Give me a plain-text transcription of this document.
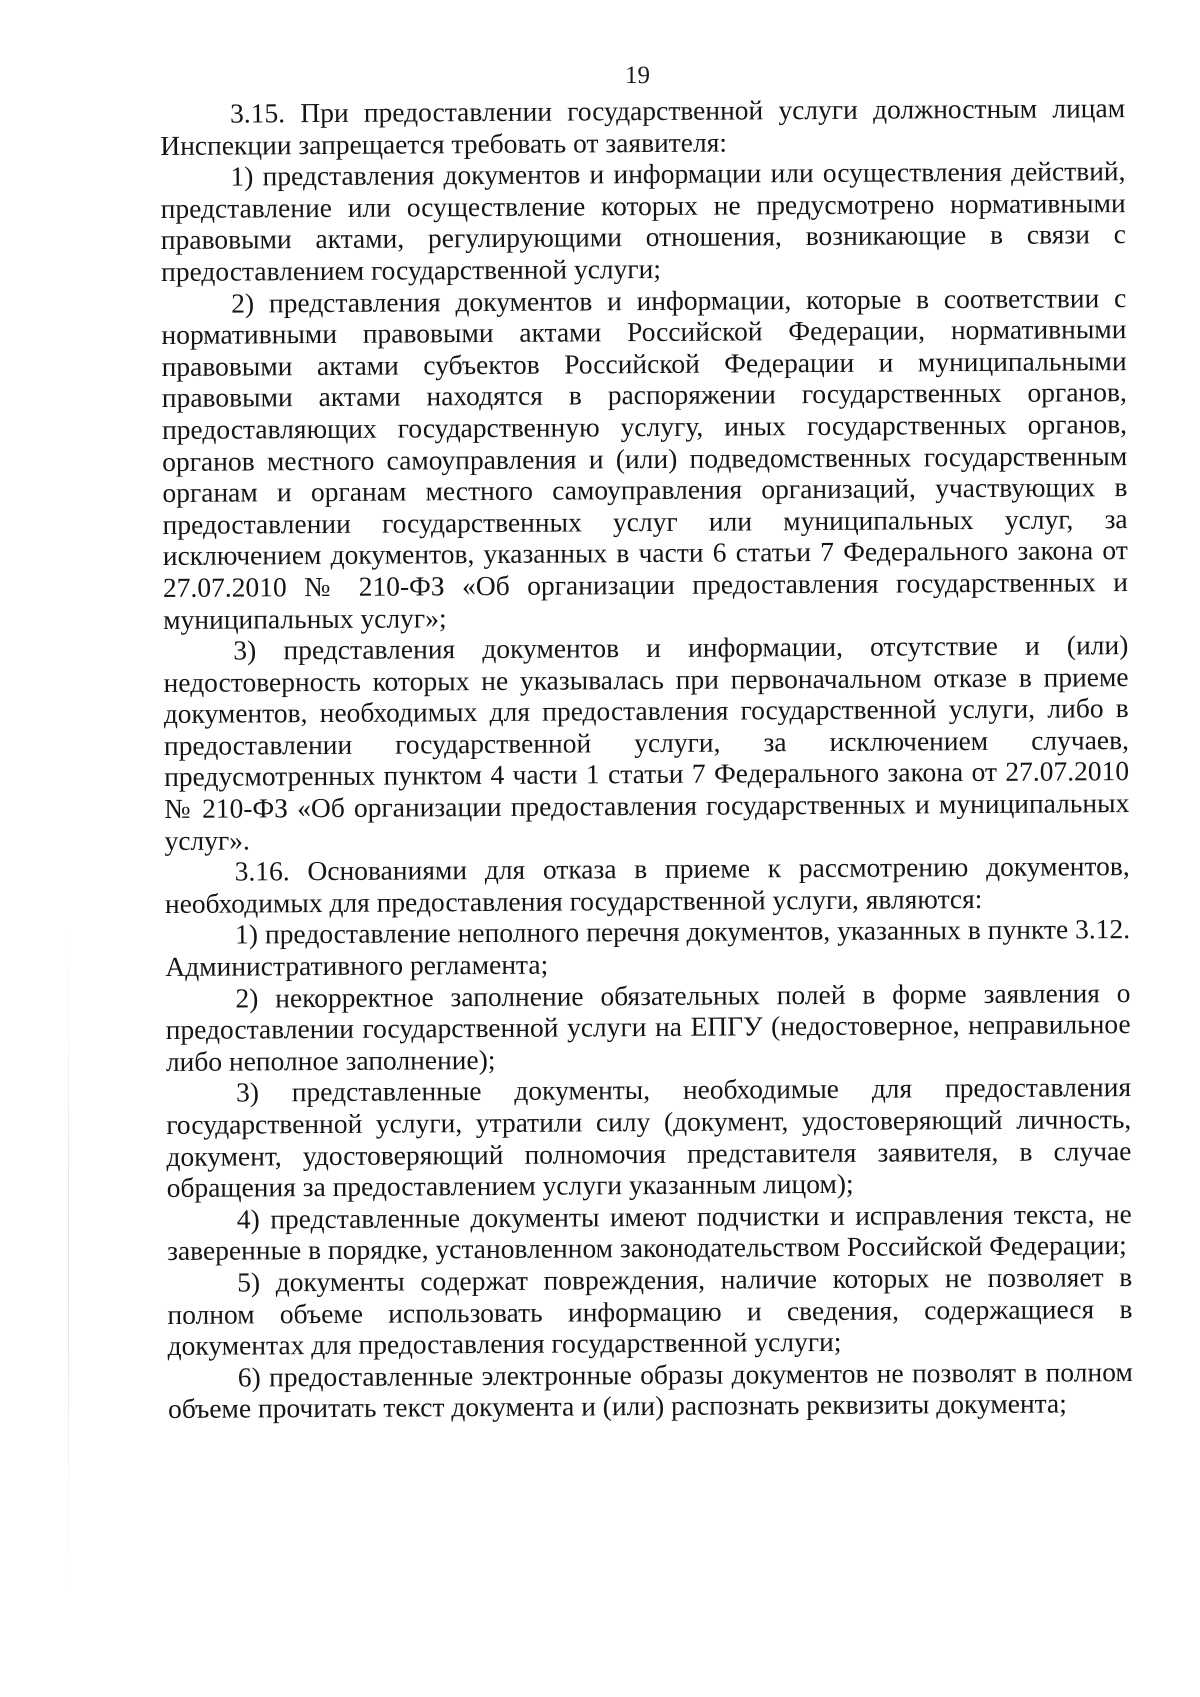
19

3.15. При предоставлении государственной услуги должностным лицам Инспекции запрещается требовать от заявителя:

1) представления документов и информации или осуществления действий, представление или осуществление которых не предусмотрено нормативными правовыми актами, регулирующими отношения, возникающие в связи с предоставлением государственной услуги;

2) представления документов и информации, которые в соответствии с нормативными правовыми актами Российской Федерации, нормативными правовыми актами субъектов Российской Федерации и муниципальными правовыми актами находятся в распоряжении государственных органов, предоставляющих государственную услугу, иных государственных органов, органов местного самоуправления и (или) подведомственных государственным органам и органам местного самоуправления организаций, участвующих в предоставлении государственных услуг или муниципальных услуг, за исключением документов, указанных в части 6 статьи 7 Федерального закона от 27.07.2010 № 210-ФЗ «Об организации предоставления государственных и муниципальных услуг»;

3) представления документов и информации, отсутствие и (или) недостоверность которых не указывалась при первоначальном отказе в приеме документов, необходимых для предоставления государственной услуги, либо в предоставлении государственной услуги, за исключением случаев, предусмотренных пунктом 4 части 1 статьи 7 Федерального закона от 27.07.2010 № 210-ФЗ «Об организации предоставления государственных и муниципальных услуг».

3.16. Основаниями для отказа в приеме к рассмотрению документов, необходимых для предоставления государственной услуги, являются:

1) предоставление неполного перечня документов, указанных в пункте 3.12. Административного регламента;

2) некорректное заполнение обязательных полей в форме заявления о предоставлении государственной услуги на ЕПГУ (недостоверное, неправильное либо неполное заполнение);

3) представленные документы, необходимые для предоставления государственной услуги, утратили силу (документ, удостоверяющий личность, документ, удостоверяющий полномочия представителя заявителя, в случае обращения за предоставлением услуги указанным лицом);

4) представленные документы имеют подчистки и исправления текста, не заверенные в порядке, установленном законодательством Российской Федерации;

5) документы содержат повреждения, наличие которых не позволяет в полном объеме использовать информацию и сведения, содержащиеся в документах для предоставления государственной услуги;

6) предоставленные электронные образы документов не позволят в полном объеме прочитать текст документа и (или) распознать реквизиты документа;
